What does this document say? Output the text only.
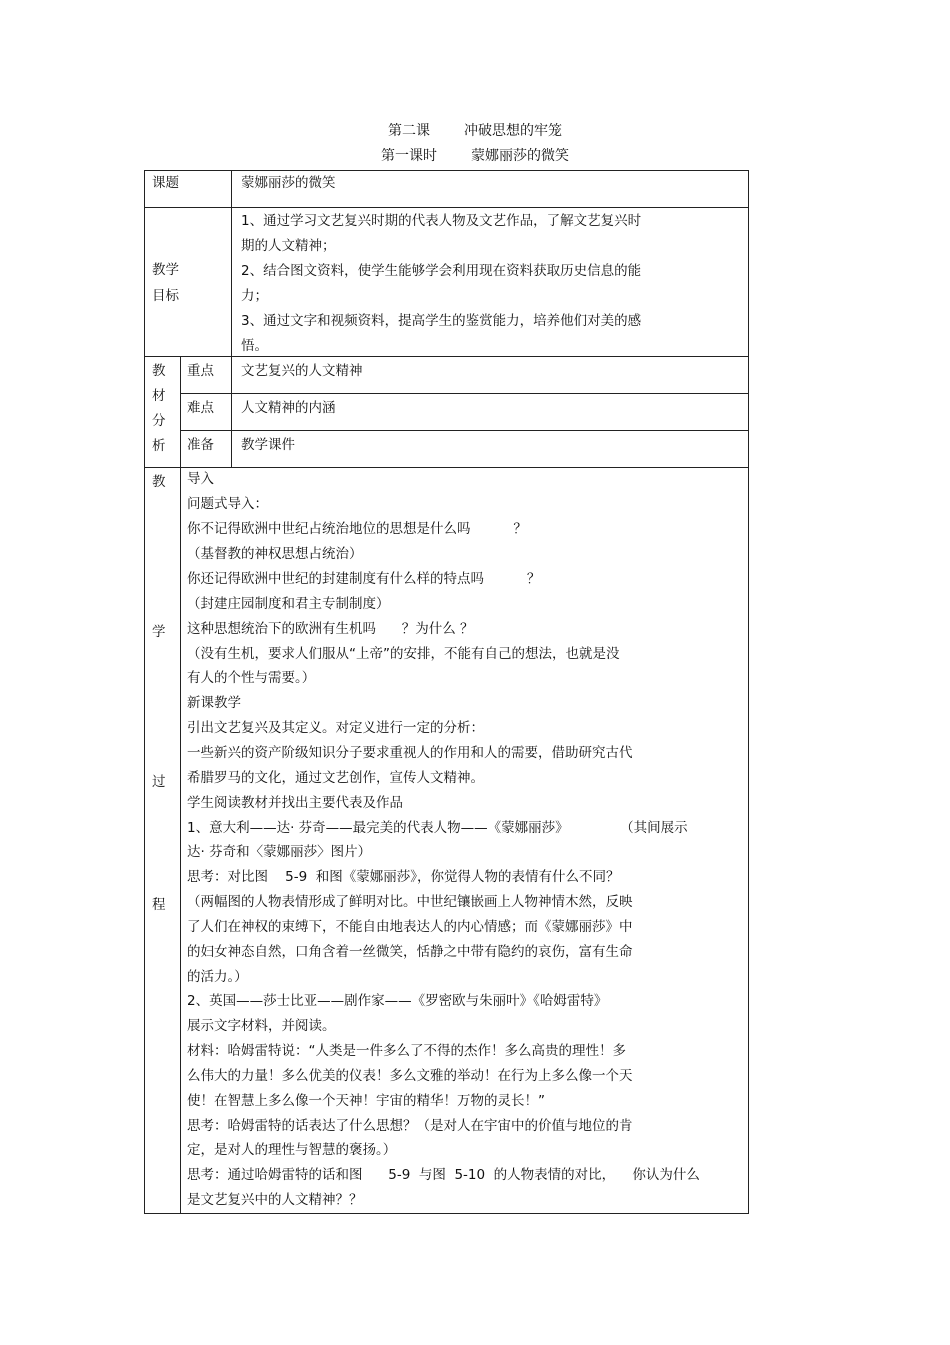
第二课 冲破思想的牢笼
第一课时 蒙娜丽莎的微笑
课题	蒙娜丽莎的微笑
教学
目标
1、通过学习文艺复兴时期的代表人物及文艺作品，了解文艺复兴时
期的人文精神；
2、结合图文资料，使学生能够学会利用现在资料获取历史信息的能
力；
3、通过文字和视频资料，提高学生的鉴赏能力，培养他们对美的感
悟。
教
材
分
析
重点 文艺复兴的人文精神
难点 人文精神的内涵
准备 教学课件
教
学
过
程
导入
问题式导入：
你不记得欧洲中世纪占统治地位的思想是什么吗          ？
（基督教的神权思想占统治）
你还记得欧洲中世纪的封建制度有什么样的特点吗          ？
（封建庄园制度和君主专制制度）
这种思想统治下的欧洲有生机吗      ？为什么 ？
（没有生机，要求人们服从“上帝”的安排，不能有自己的想法，也就是没
有人的个性与需要。）
新课教学
引出文艺复兴及其定义。对定义进行一定的分析：
一些新兴的资产阶级知识分子要求重视人的作用和人的需要，借助研究古代
希腊罗马的文化，通过文艺创作，宣传人文精神。
学生阅读教材并找出主要代表及作品
1、意大利——达· 芬奇——最完美的代表人物——《蒙娜丽莎》            （其间展示
达· 芬奇和〈蒙娜丽莎〉图片）
思考：对比图    5-9  和图《蒙娜丽莎》，你觉得人物的表情有什么不同？
（两幅图的人物表情形成了鲜明对比。中世纪镶嵌画上人物神情木然，反映
了人们在神权的束缚下，不能自由地表达人的内心情感；而《蒙娜丽莎》中
的妇女神态自然，口角含着一丝微笑，恬静之中带有隐约的哀伤，富有生命
的活力。）
2、英国——莎士比亚——剧作家——《罗密欧与朱丽叶》《哈姆雷特》
展示文字材料，并阅读。
材料：哈姆雷特说：“人类是一件多么了不得的杰作！多么高贵的理性！多
么伟大的力量！多么优美的仪表！多么文雅的举动！在行为上多么像一个天
使！在智慧上多么像一个天神！宇宙的精华！万物的灵长！”
思考：哈姆雷特的话表达了什么思想？（是对人在宇宙中的价值与地位的肯
定，是对人的理性与智慧的褒扬。）
思考：通过哈姆雷特的话和图      5-9  与图  5-10  的人物表情的对比，    你认为什么
是文艺复兴中的人文精神？？
